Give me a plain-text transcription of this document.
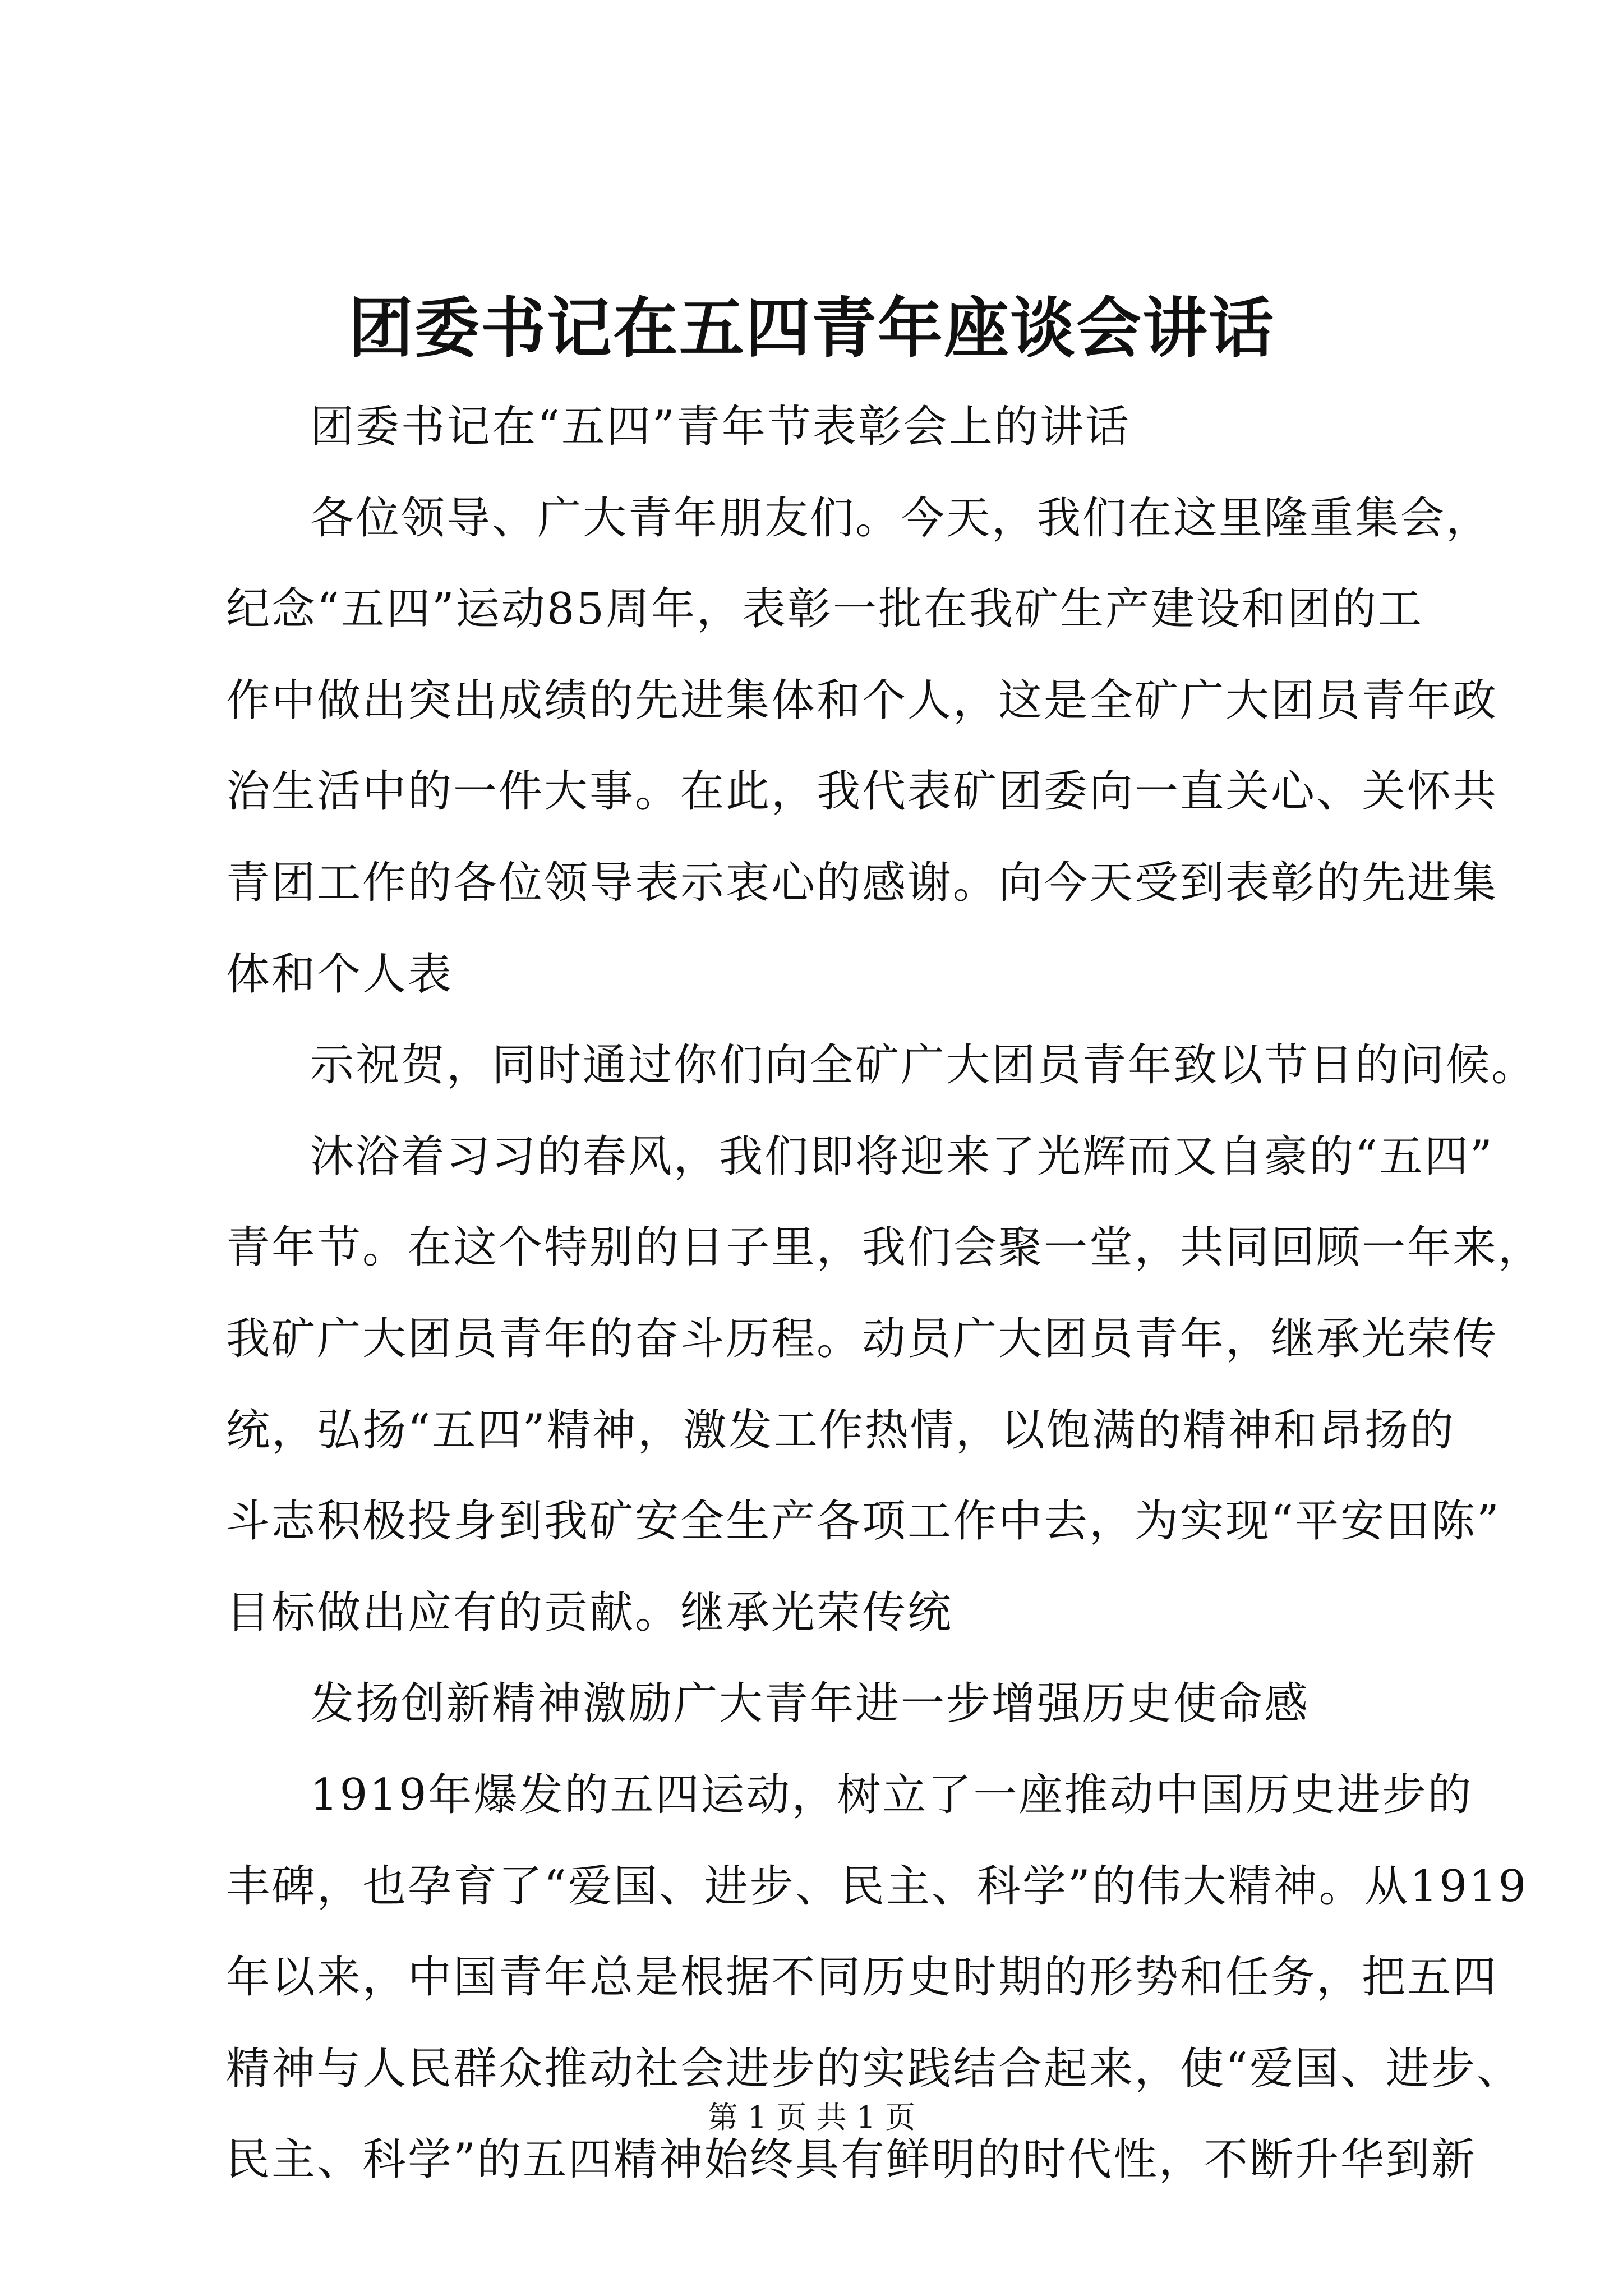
团委书记在五四青年座谈会讲话
团委书记在“五四”青年节表彰会上的讲话
各位领导、广大青年朋友们。今天，我们在这里隆重集会，
纪念“五四”运动85周年，表彰一批在我矿生产建设和团的工
作中做出突出成绩的先进集体和个人，这是全矿广大团员青年政
治生活中的一件大事。在此，我代表矿团委向一直关心、关怀共
青团工作的各位领导表示衷心的感谢。向今天受到表彰的先进集
体和个人表
示祝贺，同时通过你们向全矿广大团员青年致以节日的问候。
沐浴着习习的春风，我们即将迎来了光辉而又自豪的“五四”
青年节。在这个特别的日子里，我们会聚一堂，共同回顾一年来，
我矿广大团员青年的奋斗历程。动员广大团员青年，继承光荣传
统，弘扬“五四”精神，激发工作热情，以饱满的精神和昂扬的
斗志积极投身到我矿安全生产各项工作中去，为实现“平安田陈”
目标做出应有的贡献。继承光荣传统
发扬创新精神激励广大青年进一步增强历史使命感
1919年爆发的五四运动，树立了一座推动中国历史进步的
丰碑，也孕育了“爱国、进步、民主、科学”的伟大精神。从1919
年以来，中国青年总是根据不同历史时期的形势和任务，把五四
精神与人民群众推动社会进步的实践结合起来，使“爱国、进步、
民主、科学”的五四精神始终具有鲜明的时代性，不断升华到新
第 1 页 共 1 页
